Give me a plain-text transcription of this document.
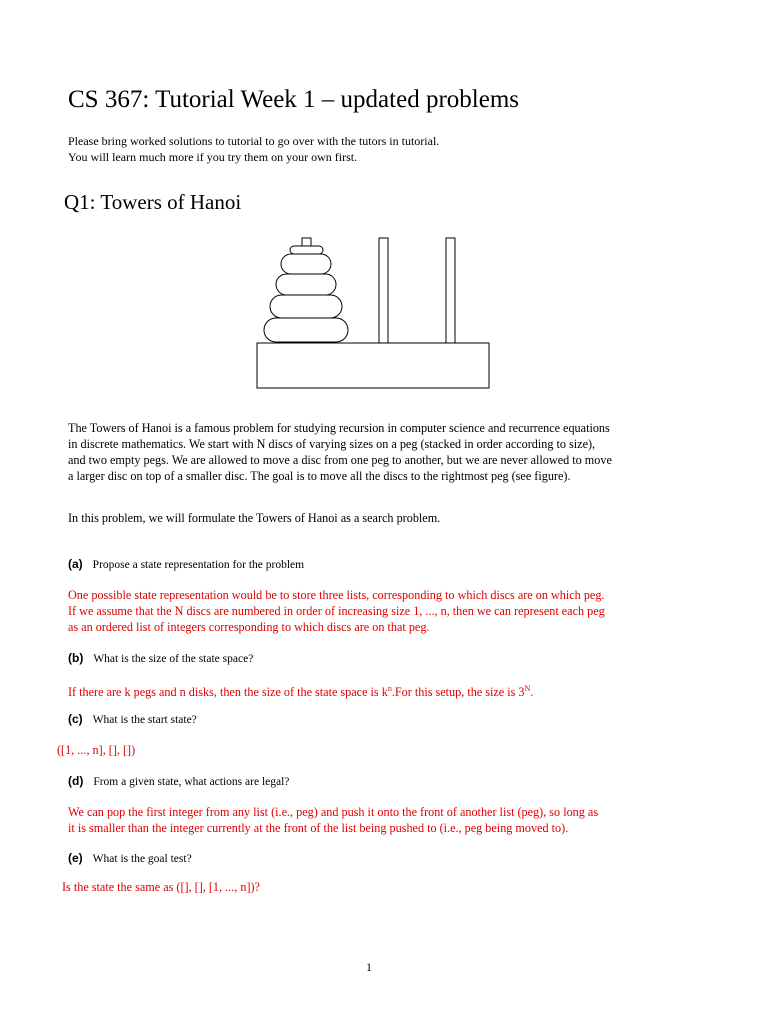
CS 367: Tutorial Week 1 – updated problems
Please bring worked solutions to tutorial to go over with the tutors in tutorial.
You will learn much more if you try them on your own first.
Q1: Towers of Hanoi
The Towers of Hanoi is a famous problem for studying recursion in computer science and recurrence equations
in discrete mathematics. We start with N discs of varying sizes on a peg (stacked in order according to size),
and two empty pegs. We are allowed to move a disc from one peg to another, but we are never allowed to move
a larger disc on top of a smaller disc. The goal is to move all the discs to the rightmost peg (see figure).
In this problem, we will formulate the Towers of Hanoi as a search problem.
(a) Propose a state representation for the problem
One possible state representation would be to store three lists, corresponding to which discs are on which peg.
If we assume that the N discs are numbered in order of increasing size 1, ..., n, then we can represent each peg
as an ordered list of integers corresponding to which discs are on that peg.
(b) What is the size of the state space?
If there are k pegs and n disks, then the size of the state space is $k^n.For$ this setup, the size is $3^N$.
(c) What is the start state?
([1, ..., n], [], [])
(d) From a given state, what actions are legal?
We can pop the first integer from any list (i.e., peg) and push it onto the front of another list (peg), so long as
it is smaller than the integer currently at the front of the list being pushed to (i.e., peg being moved to).
(e) What is the goal test?
Is the state the same as ([], [], [1, ..., n])?
1
